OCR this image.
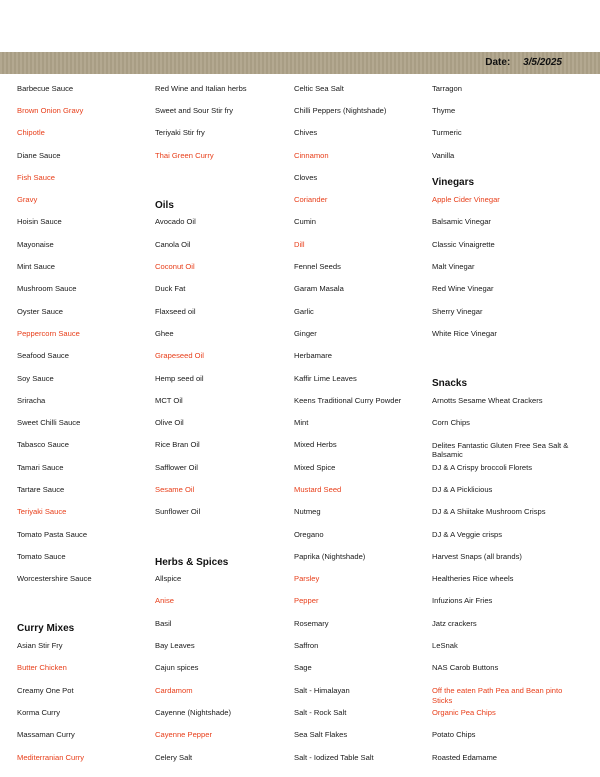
Date: 3/5/2025
Barbecue Sauce
Brown Onion Gravy
Chipotle
Diane Sauce
Fish Sauce
Gravy
Hoisin Sauce
Mayonaise
Mint Sauce
Mushroom Sauce
Oyster Sauce
Peppercorn Sauce
Seafood Sauce
Soy Sauce
Sriracha
Sweet Chilli Sauce
Tabasco Sauce
Tamari Sauce
Tartare Sauce
Teriyaki Sauce
Tomato Pasta Sauce
Tomato Sauce
Worcestershire Sauce
Curry Mixes
Asian Stir Fry
Butter Chicken
Creamy One Pot
Korma Curry
Massaman Curry
Mediterranian Curry
Red Wine and Italian herbs
Sweet and Sour Stir fry
Teriyaki Stir fry
Thai Green Curry
Oils
Avocado Oil
Canola Oil
Coconut Oil
Duck Fat
Flaxseed oil
Ghee
Grapeseed Oil
Hemp seed oil
MCT Oil
Olive Oil
Rice Bran Oil
Safflower Oil
Sesame Oil
Sunflower Oil
Herbs & Spices
Allspice
Anise
Basil
Bay Leaves
Cajun spices
Cardamom
Cayenne (Nightshade)
Cayenne Pepper
Celery Salt
Celtic Sea Salt
Chilli Peppers (Nightshade)
Chives
Cinnamon
Cloves
Coriander
Cumin
Dill
Fennel Seeds
Garam Masala
Garlic
Ginger
Herbamare
Kaffir Lime Leaves
Keens Traditional Curry Powder
Mint
Mixed Herbs
Mixed Spice
Mustard Seed
Nutmeg
Oregano
Paprika (Nightshade)
Parsley
Pepper
Rosemary
Saffron
Sage
Salt - Himalayan
Salt - Rock Salt
Sea Salt Flakes
Salt - Iodized Table Salt
Tarragon
Thyme
Turmeric
Vanilla
Vinegars
Apple Cider Vinegar
Balsamic Vinegar
Classic Vinaigrette
Malt Vinegar
Red Wine Vinegar
Sherry Vinegar
White Rice Vinegar
Snacks
Arnotts Sesame Wheat Crackers
Corn Chips
Delites Fantastic Gluten Free Sea Salt & Balsamic
DJ & A Crispy broccoli Florets
DJ & A Picklicious
DJ & A Shiitake Mushroom Crisps
DJ & A Veggie crisps
Harvest Snaps (all brands)
Healtheries Rice wheels
Infuzions Air Fries
Jatz crackers
LeSnak
NAS Carob Buttons
Off the eaten Path Pea and Bean pinto Sticks
Organic Pea Chips
Potato Chips
Roasted Edamame
